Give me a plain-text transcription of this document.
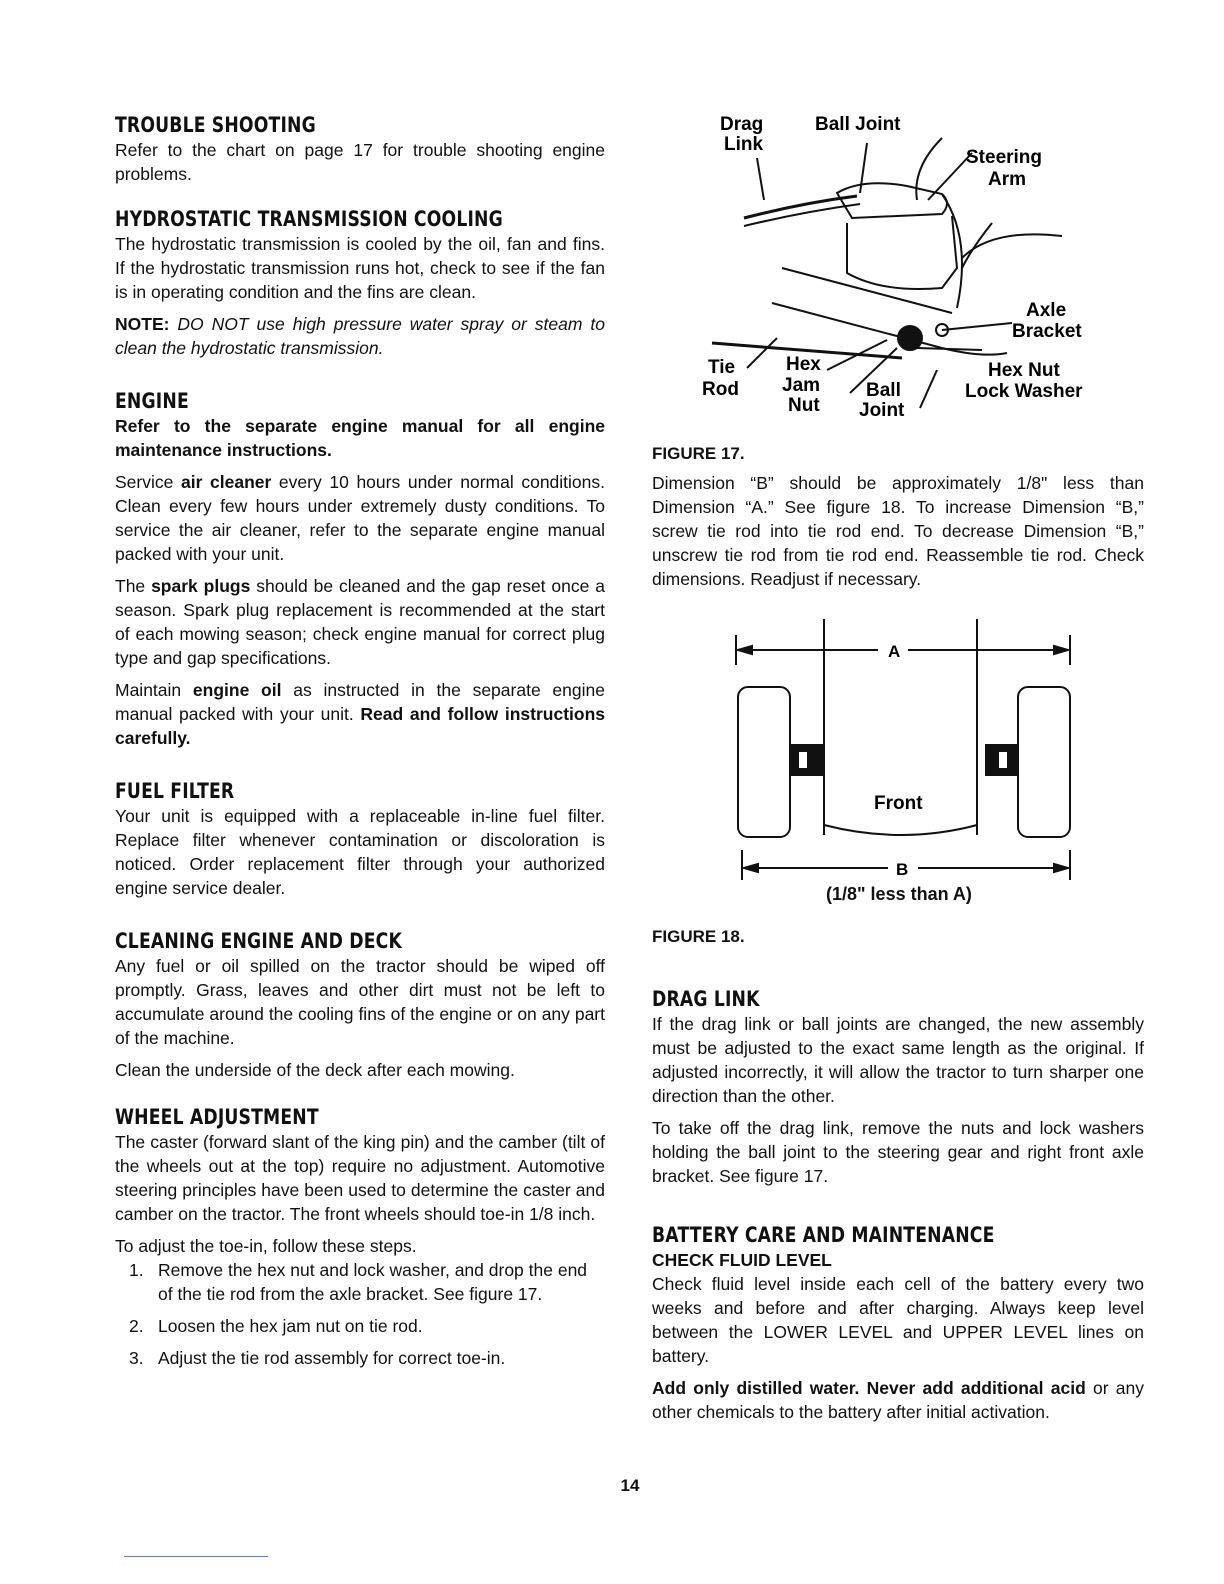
TROUBLE SHOOTING

Refer to the chart on page 17 for trouble shooting engine problems.

HYDROSTATIC TRANSMISSION COOLING

The hydrostatic transmission is cooled by the oil, fan and fins. If the hydrostatic transmission runs hot, check to see if the fan is in operating condition and the fins are clean.

NOTE: DO NOT use high pressure water spray or steam to clean the hydrostatic transmission.

ENGINE

Refer to the separate engine manual for all engine maintenance instructions.

Service air cleaner every 10 hours under normal conditions. Clean every few hours under extremely dusty conditions. To service the air cleaner, refer to the separate engine manual packed with your unit.

The spark plugs should be cleaned and the gap reset once a season. Spark plug replacement is recommended at the start of each mowing season; check engine manual for correct plug type and gap specifications.

Maintain engine oil as instructed in the separate engine manual packed with your unit. Read and follow instructions carefully.

FUEL FILTER

Your unit is equipped with a replaceable in-line fuel filter. Replace filter whenever contamination or discoloration is noticed. Order replacement filter through your authorized engine service dealer.

CLEANING ENGINE AND DECK

Any fuel or oil spilled on the tractor should be wiped off promptly. Grass, leaves and other dirt must not be left to accumulate around the cooling fins of the engine or on any part of the machine.

Clean the underside of the deck after each mowing.

WHEEL ADJUSTMENT

The caster (forward slant of the king pin) and the camber (tilt of the wheels out at the top) require no adjustment. Automotive steering principles have been used to determine the caster and camber on the tractor. The front wheels should toe-in 1/8 inch.

To adjust the toe-in, follow these steps.

1. Remove the hex nut and lock washer, and drop the end of the tie rod from the axle bracket. See figure 17.
2. Loosen the hex jam nut on tie rod.
3. Adjust the tie rod assembly for correct toe-in.
Drag
Link
Ball Joint
Steering
Arm
Axle
Bracket
Tie
Rod
Hex
Jam
Nut
Ball
Joint
Hex Nut
Lock Washer

FIGURE 17.

Dimension “B” should be approximately 1/8" less than Dimension “A.” See figure 18. To increase Dimension “B,” screw tie rod into tie rod end. To decrease Dimension “B,” unscrew tie rod from tie rod end. Reassemble tie rod. Check dimensions. Readjust if necessary.

A
Front
B
(1/8" less than A)

FIGURE 18.

DRAG LINK

If the drag link or ball joints are changed, the new assembly must be adjusted to the exact same length as the original. If adjusted incorrectly, it will allow the tractor to turn sharper one direction than the other.

To take off the drag link, remove the nuts and lock washers holding the ball joint to the steering gear and right front axle bracket. See figure 17.

BATTERY CARE AND MAINTENANCE

CHECK FLUID LEVEL

Check fluid level inside each cell of the battery every two weeks and before and after charging. Always keep level between the LOWER LEVEL and UPPER LEVEL lines on battery.

Add only distilled water. Never add additional acid or any other chemicals to the battery after initial activation.

14
